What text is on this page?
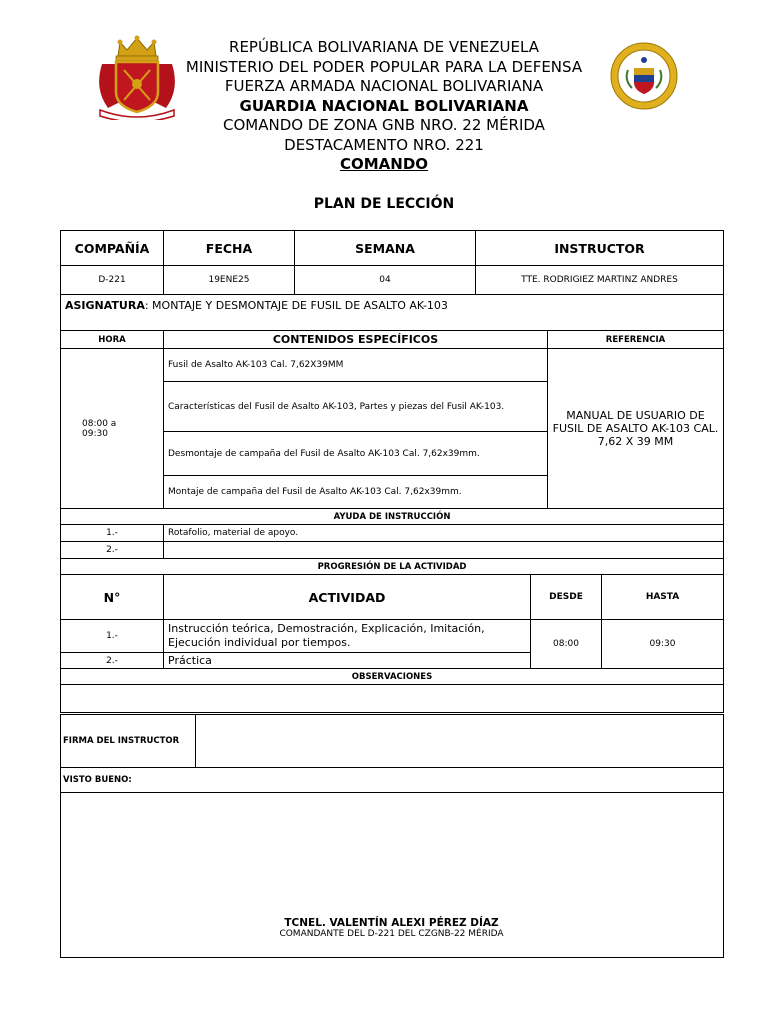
REPÚBLICA BOLIVARIANA DE VENEZUELA
MINISTERIO DEL PODER POPULAR PARA LA DEFENSA
FUERZA ARMADA NACIONAL BOLIVARIANA
GUARDIA NACIONAL BOLIVARIANA
COMANDO DE ZONA GNB NRO. 22 MÉRIDA
DESTACAMENTO NRO. 221
COMANDO
PLAN DE LECCIÓN
COMPAÑÍA	FECHA	SEMANA	INSTRUCTOR
D-221	19ENE25	04	TTE. RODRIGIEZ MARTINZ ANDRES
ASIGNATURA: MONTAJE Y DESMONTAJE DE FUSIL DE ASALTO AK-103			
HORA	CONTENIDOS ESPECÍFICOS	REFERENCIA

08:00 a 09:30	Fusil de Asalto AK-103 Cal. 7,62X39MM	MANUAL DE USUARIO DE FUSIL DE ASALTO AK-103 CAL. 7,62 X 39 MM
	Características del Fusil de Asalto AK-103, Partes y piezas del Fusil AK-103.	
	Desmontaje de campaña del Fusil de Asalto AK-103 Cal. 7,62x39mm.	
	Montaje de campaña del Fusil de Asalto AK-103 Cal. 7,62x39mm.	
AYUDA DE INSTRUCCIÓN	
1.-	Rotafolio, material de apoyo.
2.-	
PROGRESIÓN DE LA ACTIVIDAD			
N°	ACTIVIDAD	DESDE	HASTA
1.-	Instrucción teórica, Demostración, Explicación, Imitación, Ejecución individual por tiempos.	08:00	09:30
2.-	Práctica		
OBSERVACIONES			

FIRMA DEL INSTRUCTOR	
VISTO BUENO:

TCNEL. VALENTÍN ALEXI PÉREZ DÍAZ
COMANDANTE DEL D-221 DEL CZGNB-22 MÉRIDA
